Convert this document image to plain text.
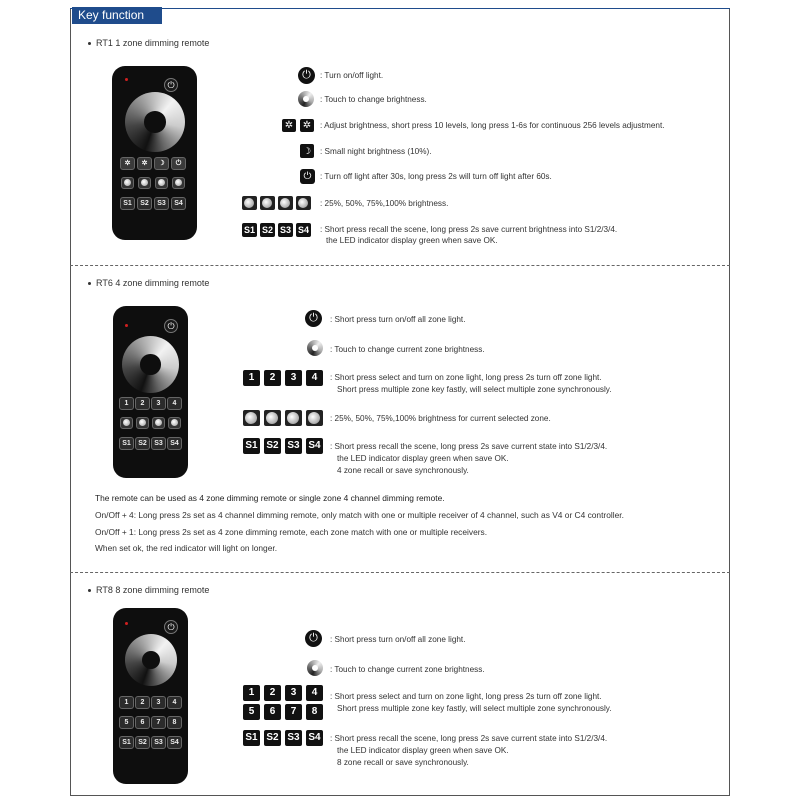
Key function
RT1 1 zone dimming remote
⏻
✲	✲	☽	⏻
S1	S2	S3	S4
⏻	: Turn on/off light.
: Touch to change brightness.
✲ ✲	: Adjust brightness, short press 10 levels, long press 1-6s for continuous 256 levels adjustment.
☽	: Small night brightness (10%).
⏻	: Turn off light after 30s, long press 2s will turn off light after 60s.
: 25%, 50%, 75%,100% brightness.
S1 S2 S3 S4 : Short press recall the scene, long press 2s save current brightness into S1/2/3/4.
the LED indicator display green when save OK.
RT6 4 zone dimming remote
⏻
1	2	3	4
S1	S2	S3	S4
⏻	: Short press turn on/off all zone light.
: Touch to change current zone brightness.
1	2	3	4	: Short press select and turn on zone light, long press 2s turn off zone light.
Short press multiple zone key fastly, will select multiple zone synchronously.
: 25%, 50%, 75%,100% brightness for current selected zone.
S1 S2 S3 S4 : Short press recall the scene, long press 2s save current state into S1/2/3/4.
the LED indicator display green when save OK.
4 zone recall or save synchronously.
The remote can be used as 4 zone dimming remote or single zone 4 channel dimming remote.
On/Off + 4: Long press 2s set as 4 channel dimming remote, only match with one or multiple receiver of 4 channel, such as V4 or C4 controller.
On/Off + 1: Long press 2s set as 4 zone dimming remote, each zone match with one or multiple receivers.
When set ok, the red indicator will light on longer.
RT8 8 zone dimming remote
⏻
1	2	3	4
5	6	7	8
S1	S2	S3	S4
⏻	: Short press turn on/off all zone light.
: Touch to change current zone brightness.
1	2	3	4
5	6	7	8
: Short press select and turn on zone light, long press 2s turn off zone light.
Short press multiple zone key fastly, will select multiple zone synchronously.
S1 S2 S3 S4 : Short press recall the scene, long press 2s save current state into S1/2/3/4.
the LED indicator display green when save OK.
8 zone recall or save synchronously.
